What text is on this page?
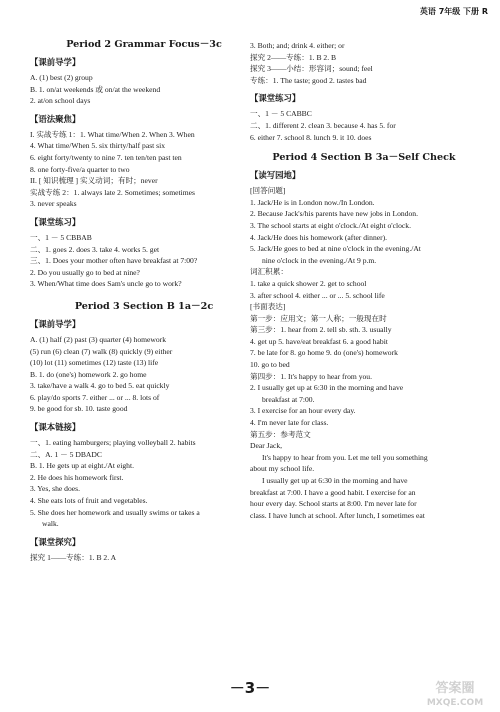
英语 7年级 下册 R
Period 2 Grammar Focus－3c
【课前导学】
A. (1) best (2) group
B. 1. on/at weekends 或 on/at the weekend
2. at/on school days
【语法聚焦】
I. 实战专练 1：1. What time/When 2. When 3. When
4. What time/When 5. six thirty/half past six
6. eight forty/twenty to nine 7. ten ten/ten past ten
8. one forty-five/a quarter to two
II. [ 知识梳理 ] 实义动词；有时；never
实战专练 2：1. always late 2. Sometimes; sometimes
3. never speaks
【课堂练习】
一、1 － 5 CBBAB
二、1. goes 2. does 3. take 4. works 5. get
三、1. Does your mother often have breakfast at 7:00?
2. Do you usually go to bed at nine?
3. When/What time does Sam's uncle go to work?
Period 3 Section B 1a－2c
【课前导学】
A. (1) half (2) past (3) quarter (4) homework
(5) run (6) clean (7) walk (8) quickly (9) either
(10) lot (11) sometimes (12) taste (13) life
B. 1. do (one's) homework 2. go home
3. take/have a walk 4. go to bed 5. eat quickly
6. play/do sports 7. either ... or ... 8. lots of
9. be good for sb. 10. taste good
【课本链接】
一、1. eating hamburgers; playing volleyball 2. habits
二、A. 1 － 5 DBADC
B. 1. He gets up at eight./At eight.
2. He does his homework first.
3. Yes, she does.
4. She eats lots of fruit and vegetables.
5. She does her homework and usually swims or takes a
walk.
【课堂探究】
探究 1——专练：1. B 2. A
3. Both; and; drink 4. either; or
探究 2——专练：1. B 2. B
探究 3——小结：形容词；sound; feel
专练：1. The taste; good 2. tastes bad
【课堂练习】
一、1 － 5 CABBC
二、1. different 2. clean 3. because 4. has 5. for
6. either 7. school 8. lunch 9. it 10. does
Period 4 Section B 3a－Self Check
【读写园地】
[回答问题]
1. Jack/He is in London now./In London.
2. Because Jack's/his parents have new jobs in London.
3. The school starts at eight o'clock./At eight o'clock.
4. Jack/He does his homework (after dinner).
5. Jack/He goes to bed at nine o'clock in the evening./At
nine o'clock in the evening./At 9 p.m.
词汇积累：
1. take a quick shower 2. get to school
3. after school 4. either ... or ... 5. school life
[书面表达]
第一步：应用文；第一人称；一般现在时
第三步：1. hear from 2. tell sb. sth. 3. usually
4. get up 5. have/eat breakfast 6. a good habit
7. be late for 8. go home 9. do (one's) homework
10. go to bed
第四步：1. It's happy to hear from you.
2. I usually get up at 6:30 in the morning and have
breakfast at 7:00.
3. I exercise for an hour every day.
4. I'm never late for class.
第五步：参考范文
Dear Jack,
It's happy to hear from you. Let me tell you something
about my school life.
I usually get up at 6:30 in the morning and have
breakfast at 7:00. I have a good habit. I exercise for an
hour every day. School starts at 8:00. I'm never late for
class. I have lunch at school. After lunch, I sometimes eat
－3－	答案圈
MXQE.COM
